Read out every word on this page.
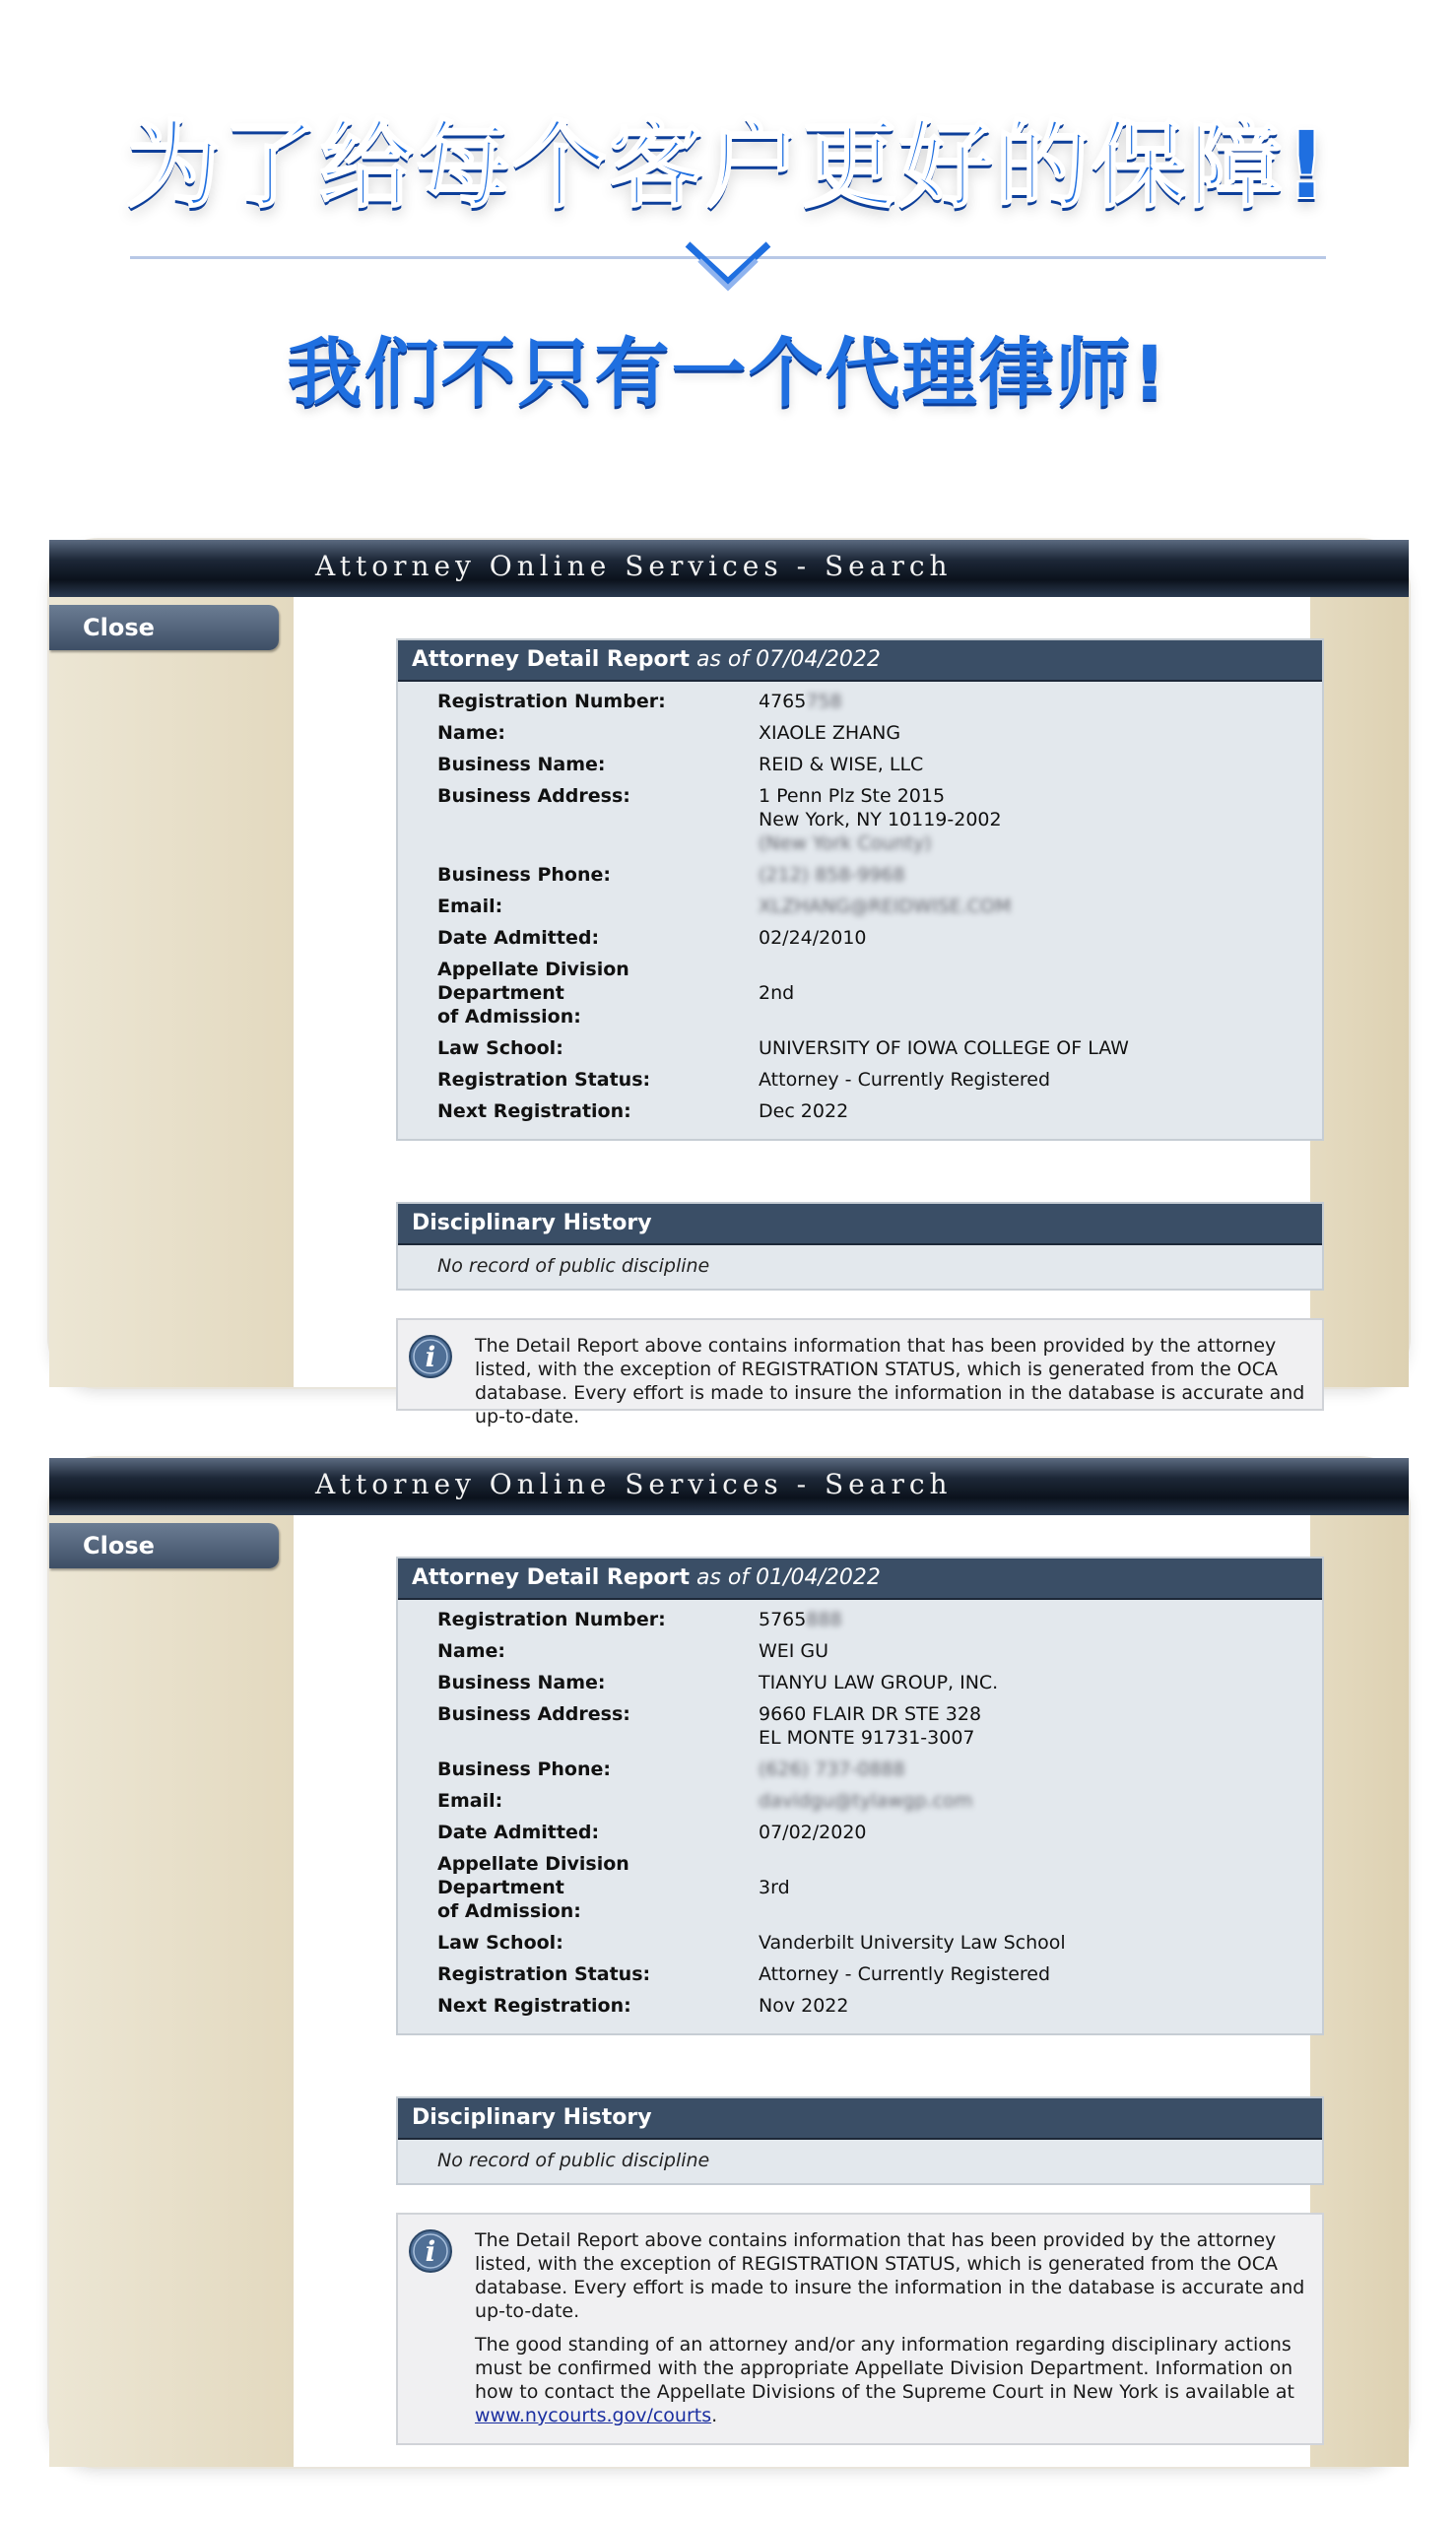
为了给每个客户更好的保障!
我们不只有一个代理律师!
Attorney Detail Report as of 07/04/2022
Registration Number:	4765758
Name:	XIAOLE ZHANG
Business Name:	REID & WISE, LLC
Business Address:	1 Penn Plz Ste 2015
New York, NY 10119-2002
(New York County)
Business Phone:	(212) 858-9968
Email:	XLZHANG@REIDWISE.COM
Date Admitted:	02/24/2010
Appellate Division Department
of Admission:
2nd
Law School:	UNIVERSITY OF IOWA COLLEGE OF LAW
Registration Status:	Attorney - Currently Registered
Next Registration:	Dec 2022
Disciplinary History
No record of public discipline
i The Detail Report above contains information that has been provided by the attorney listed, with the exception of REGISTRATION STATUS, which is generated from the OCA database. Every effort is made to insure the information in the database is accurate and up-to-date.

Attorney Online Services - Search
Close
Attorney Detail Report as of 01/04/2022
Registration Number:	5765888
Name:	WEI GU
Business Name:	TIANYU LAW GROUP, INC.
Business Address:	9660 FLAIR DR STE 328
EL MONTE 91731-3007
Business Phone:	(626) 737-0888
Email:	davidgu@tylawgp.com
Date Admitted:	07/02/2020
Appellate Division Department
of Admission:
3rd
Law School:	Vanderbilt University Law School
Registration Status:	Attorney - Currently Registered
Next Registration:	Nov 2022
Disciplinary History
No record of public discipline
i The Detail Report above contains information that has been provided by the attorney listed, with the exception of REGISTRATION STATUS, which is generated from the OCA database. Every effort is made to insure the information in the database is accurate and up-to-date.

The good standing of an attorney and/or any information regarding disciplinary actions must be confirmed with the appropriate Appellate Division Department. Information on how to contact the Appellate Divisions of the Supreme Court in New York is available at www.nycourts.gov/courts.

Attorney Online Services - Search
Close
